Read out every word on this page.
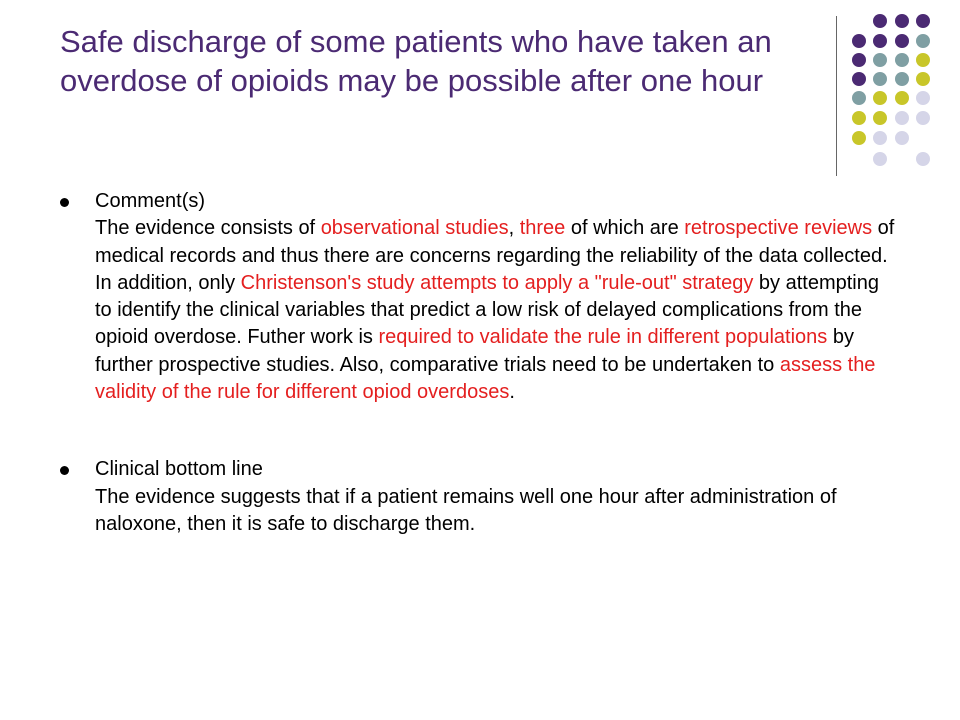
Safe discharge of some patients who have taken an overdose of opioids may be possible after one hour

Comment(s)

The evidence consists of observational studies, three of which are retrospective reviews of medical records and thus there are concerns regarding the reliability of the data collected. In addition, only Christenson's study attempts to apply a "rule-out" strategy by attempting to identify the clinical variables that predict a low risk of delayed complications from the opioid overdose. Futher work is required to validate the rule in different populations by further prospective studies. Also, comparative trials need to be undertaken to assess the validity of the rule for different opiod overdoses.

Clinical bottom line

The evidence suggests that if a patient remains well one hour after administration of naloxone, then it is safe to discharge them.
